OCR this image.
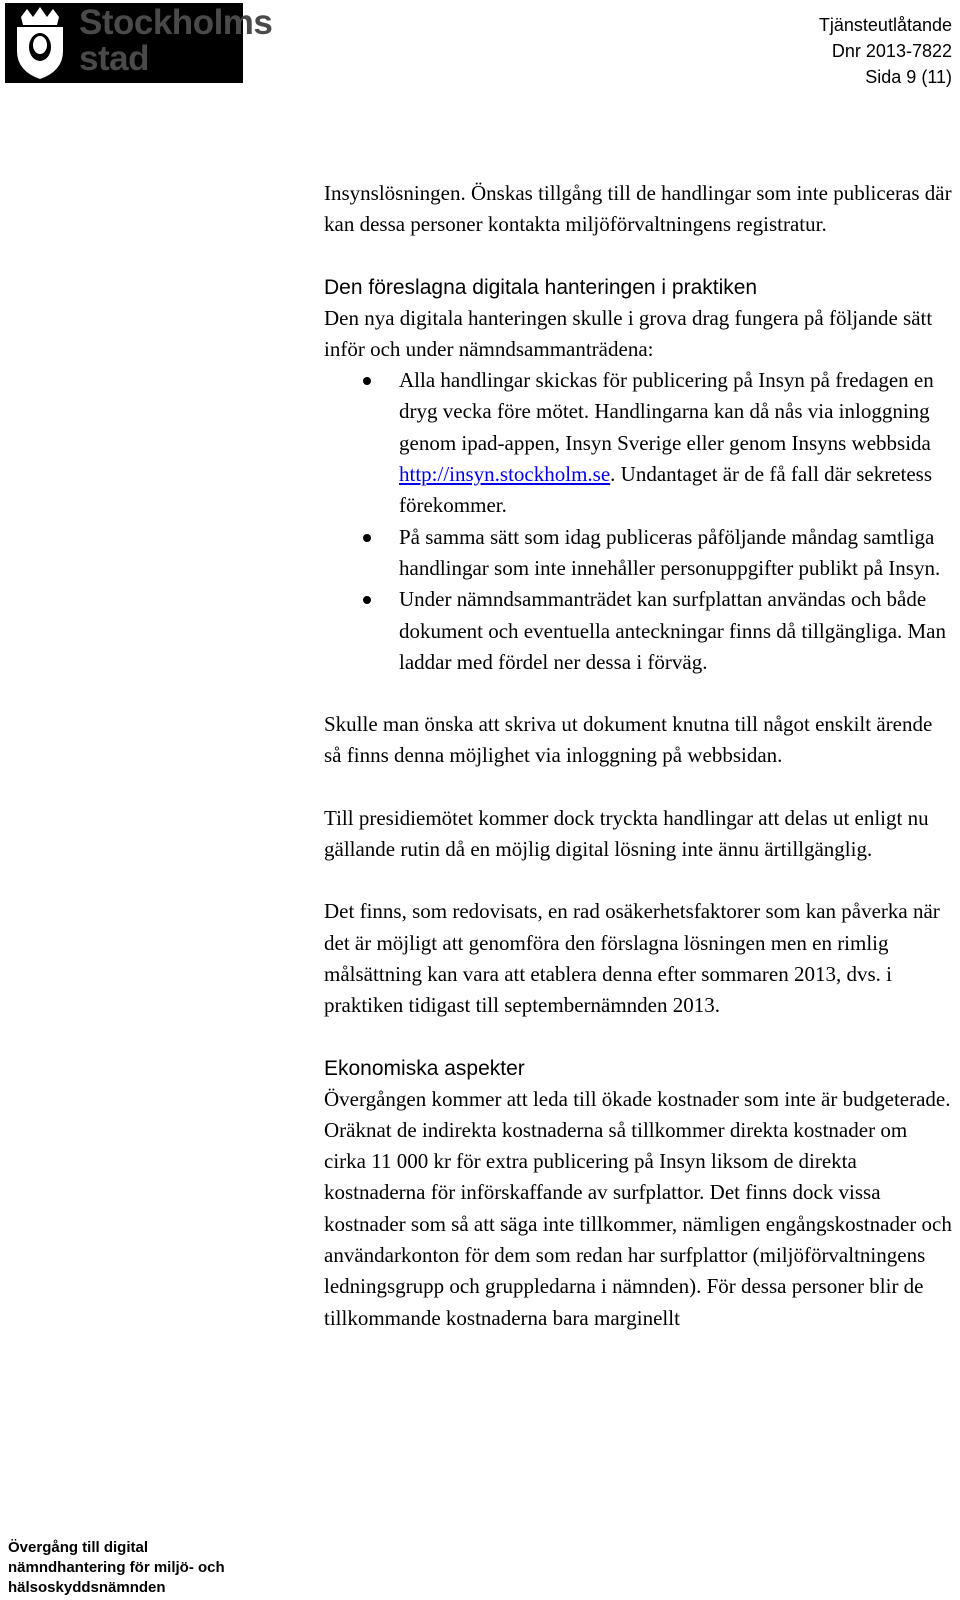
Stockholms
stad
Tjänsteutlåtande
Dnr 2013-7822
Sida 9 (11)

Insynslösningen. Önskas tillgång till de handlingar som inte publiceras där kan dessa personer kontakta miljöförvaltningens registratur.

Den föreslagna digitala hanteringen i praktiken

Den nya digitala hanteringen skulle i grova drag fungera på följande sätt inför och under nämndsammanträdena:

Alla handlingar skickas för publicering på Insyn på fredagen en dryg vecka före mötet. Handlingarna kan då nås via inloggning genom ipad-appen, Insyn Sverige eller genom Insyns webbsida http://insyn.stockholm.se. Undantaget är de få fall där sekretess förekommer.
På samma sätt som idag publiceras påföljande måndag samtliga handlingar som inte innehåller personuppgifter publikt på Insyn.
Under nämndsammanträdet kan surfplattan användas och både dokument och eventuella anteckningar finns då tillgängliga. Man laddar med fördel ner dessa i förväg.

Skulle man önska att skriva ut dokument knutna till något enskilt ärende så finns denna möjlighet via inloggning på webbsidan.

Till presidiemötet kommer dock tryckta handlingar att delas ut enligt nu gällande rutin då en möjlig digital lösning inte ännu ärtillgänglig.

Det finns, som redovisats, en rad osäkerhetsfaktorer som kan påverka när det är möjligt att genomföra den förslagna lösningen men en rimlig målsättning kan vara att etablera denna efter sommaren 2013, dvs. i praktiken tidigast till septembernämnden 2013.

Ekonomiska aspekter

Övergången kommer att leda till ökade kostnader som inte är budgeterade. Oräknat de indirekta kostnaderna så tillkommer direkta kostnader om cirka 11 000 kr för extra publicering på Insyn liksom de direkta kostnaderna för införskaffande av surfplattor. Det finns dock vissa kostnader som så att säga inte tillkommer, nämligen engångskostnader och användarkonton för dem som redan har surfplattor (miljöförvaltningens ledningsgrupp och gruppledarna i nämnden). För dessa personer blir de tillkommande kostnaderna bara marginellt

Övergång till digital
nämndhantering för miljö- och
hälsoskyddsnämnden
